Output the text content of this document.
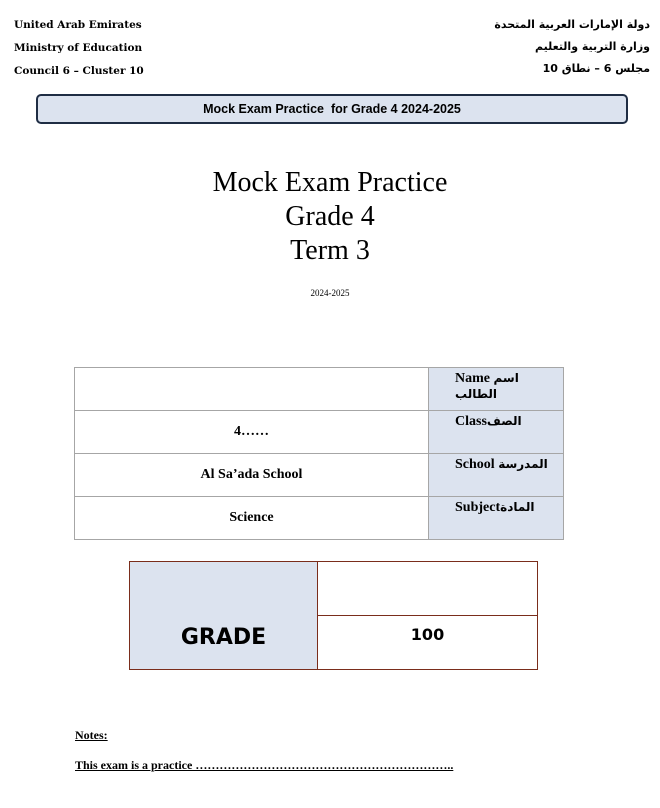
United Arab Emirates
Ministry of Education
Council 6 – Cluster 10
دولة الإمارات العربية المتحدة
وزارة التربية والتعليم
مجلس 6 – نطاق 10
Mock Exam Practice  for Grade 4 2024-2025
Mock Exam Practice
Grade 4
Term 3
2024-2025
	Name اسم الطالب
4……	Classالصف
Al Sa’ada School	School المدرسة
Science	Subjectالمادة
GRADE	100
Notes:
This exam is a practice ………………………………………………………..
